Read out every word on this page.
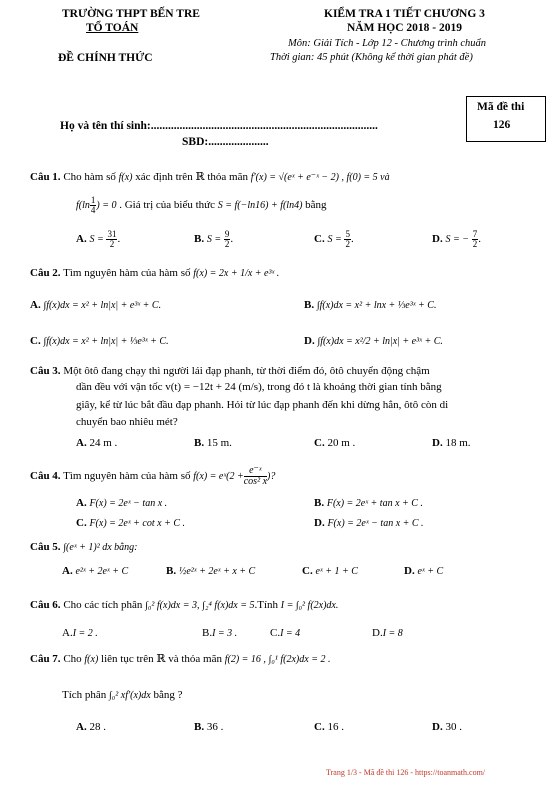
TRƯỜNG THPT BẾN TRE
TỔ TOÁN
ĐỀ CHÍNH THỨC
KIỂM TRA 1 TIẾT CHƯƠNG 3
NĂM HỌC 2018 - 2019
Môn: Giải Tích - Lớp 12 - Chương trình chuẩn
Thời gian: 45 phút (Không kể thời gian phát đề)
Mã đề thi
126
Họ và tên thí sinh:...............................................................................
SBD:.....................
Câu 1. Cho hàm số f(x) xác định trên ℝ thỏa mãn f′(x) = √(eˣ + e⁻ˣ − 2) , f(0) = 5 và
$f(\ln \frac{1}{4}$ ) = 0 . Giá trị của biểu thức S = f(−ln16) + f(ln4) bằng
A. $S = \frac{31}{2}$ .	B. $S = \frac{9}{2}$ .	C. $S = \frac{5}{2}$ .	D. S = − $\frac{7}{2}$ .
Câu 2. Tìm nguyên hàm của hàm số f(x) = 2x + 1/x + e³ˣ .
A. ∫f(x)dx = x² + ln|x| + e³ˣ + C.	B. ∫f(x)dx = x² + lnx + ⅓e³ˣ + C.
C. ∫f(x)dx = x² + ln|x| + ⅓e³ˣ + C.	D. ∫f(x)dx = x²/2 + ln|x| + e³ˣ + C.
Câu 3. Một ôtô đang chạy thì người lái đạp phanh, từ thời điểm đó, ôtô chuyển động chậm
dần đều với vận tốc v(t) = −12t + 24 (m/s), trong đó t là khoảng thời gian tính bằng
giây, kể từ lúc bắt đầu đạp phanh. Hỏi từ lúc đạp phanh đến khi dừng hẳn, ôtô còn di
chuyển bao nhiêu mét?
A. 24 m .	B. 15 m.	C. 20 m .	D. 18 m.
Câu 4. Tìm nguyên hàm của hàm số f(x) = eˣ(2 + $\frac{\text{e⁻ˣ}}{\text{cos² x}}$ )?
A. F(x) = 2eˣ − tan x .	B. F(x) = 2eˣ + tan x + C .
C. F(x) = 2eˣ + cot x + C .	D. F(x) = 2eˣ − tan x + C .
Câu 5. ∫(eˣ + 1)² dx bằng:
A. e²ˣ + 2eˣ + C	B. ½e²ˣ + 2eˣ + x + C	C. eˣ + 1 + C	D. eˣ + C
Câu 6. Cho các tích phân ∫₀² f(x)dx = 3, ∫₂⁴ f(x)dx = 5.Tính I = ∫₀² f(2x)dx.
A.I = 2 .	B.I = 3 .	C.I = 4	D.I = 8
Câu 7. Cho f(x) liên tục trên ℝ và thỏa mãn f(2) = 16 , ∫₀¹ f(2x)dx = 2 .
Tích phân ∫₀² xf′(x)dx bằng ?
A. 28 .	B. 36 .	C. 16 .	D. 30 .
Trang 1/3 - Mã đề thi 126 - https://toanmath.com/
